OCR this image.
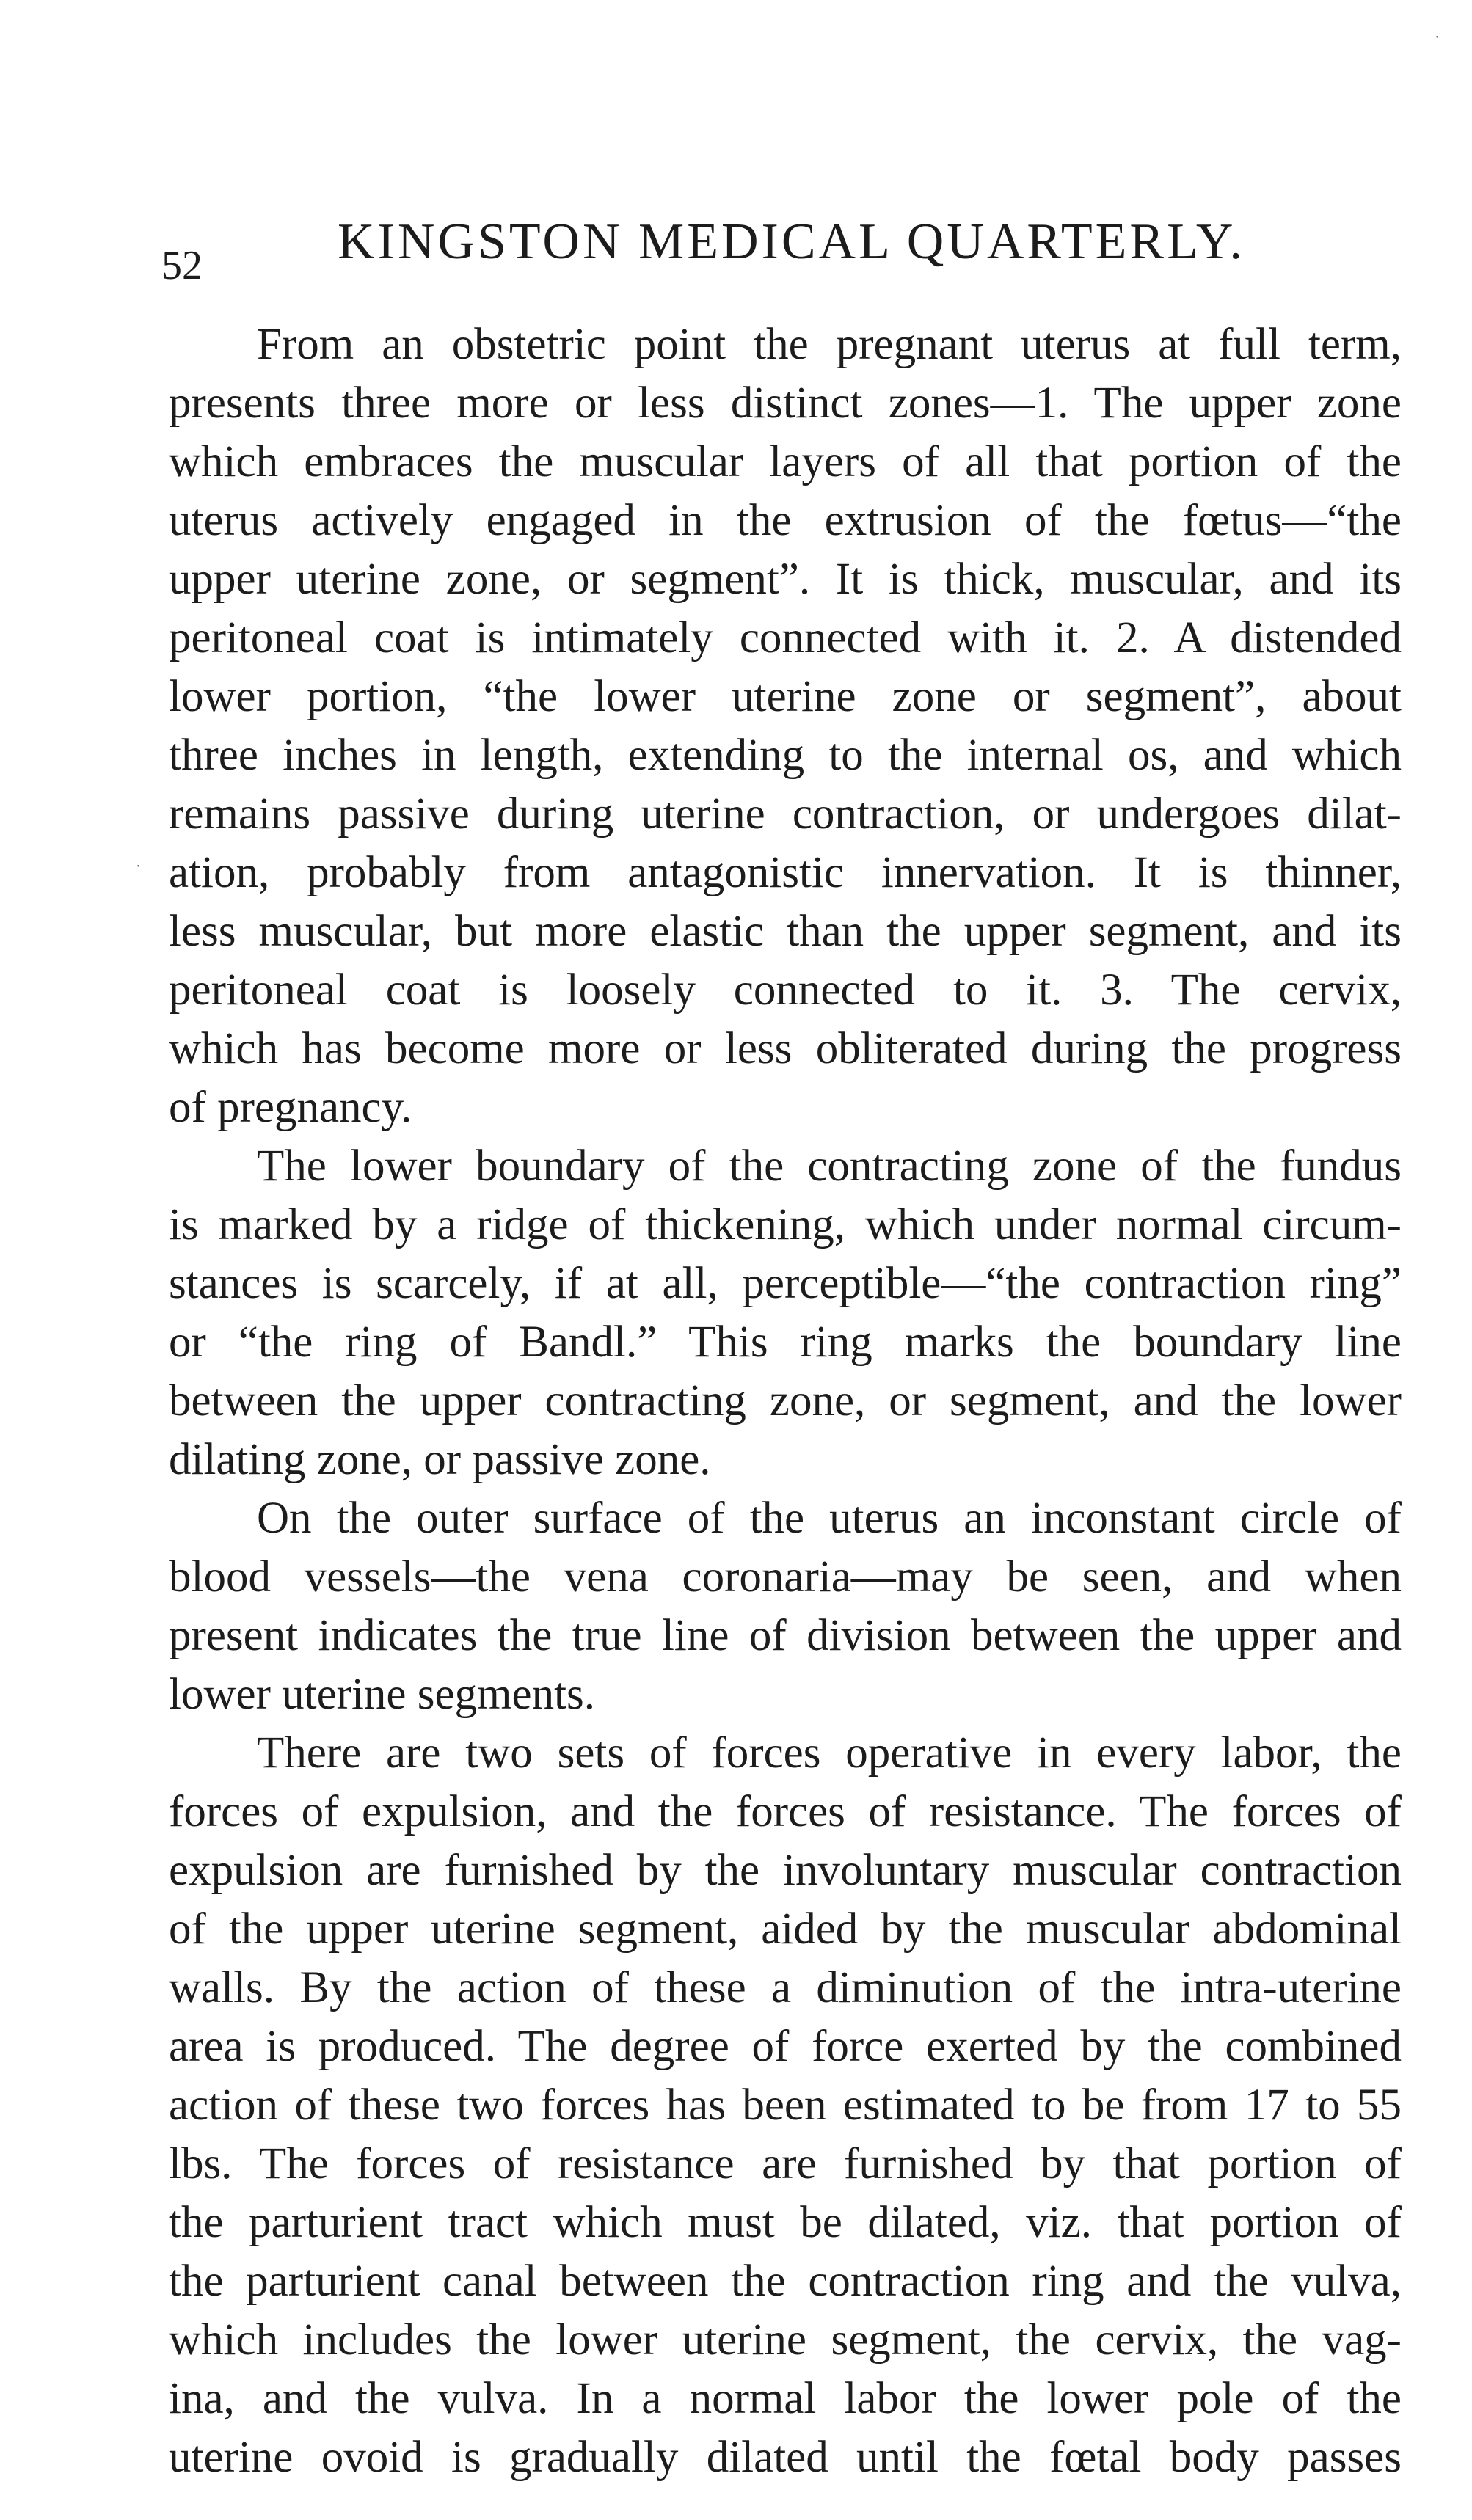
52	KINGSTON MEDICAL QUARTERLY.
From an obstetric point the pregnant uterus at full term,
presents three more or less distinct zones—1. The upper zone
which embraces the muscular layers of all that portion of the
uterus actively engaged in the extrusion of the fœtus—“the
upper uterine zone, or segment”. It is thick, muscular, and its
peritoneal coat is intimately connected with it. 2. A distended
lower portion, “the lower uterine zone or segment”, about
three inches in length, extending to the internal os, and which
remains passive during uterine contraction, or undergoes dilat-
ation, probably from antagonistic innervation. It is thinner,
less muscular, but more elastic than the upper segment, and its
peritoneal coat is loosely connected to it. 3. The cervix,
which has become more or less obliterated during the progress
of pregnancy.
The lower boundary of the contracting zone of the fundus
is marked by a ridge of thickening, which under normal circum-
stances is scarcely, if at all, perceptible—“the contraction ring”
or “the ring of Bandl.” This ring marks the boundary line
between the upper contracting zone, or segment, and the lower
dilating zone, or passive zone.
On the outer surface of the uterus an inconstant circle of
blood vessels—the vena coronaria—may be seen, and when
present indicates the true line of division between the upper and
lower uterine segments.
There are two sets of forces operative in every labor, the
forces of expulsion, and the forces of resistance. The forces of
expulsion are furnished by the involuntary muscular contraction
of the upper uterine segment, aided by the muscular abdominal
walls. By the action of these a diminution of the intra-uterine
area is produced. The degree of force exerted by the combined
action of these two forces has been estimated to be from 17 to 55
lbs. The forces of resistance are furnished by that portion of
the parturient tract which must be dilated, viz. that portion of
the parturient canal between the contraction ring and the vulva,
which includes the lower uterine segment, the cervix, the vag-
ina, and the vulva. In a normal labor the lower pole of the
uterine ovoid is gradually dilated until the fœtal body passes
·
·
